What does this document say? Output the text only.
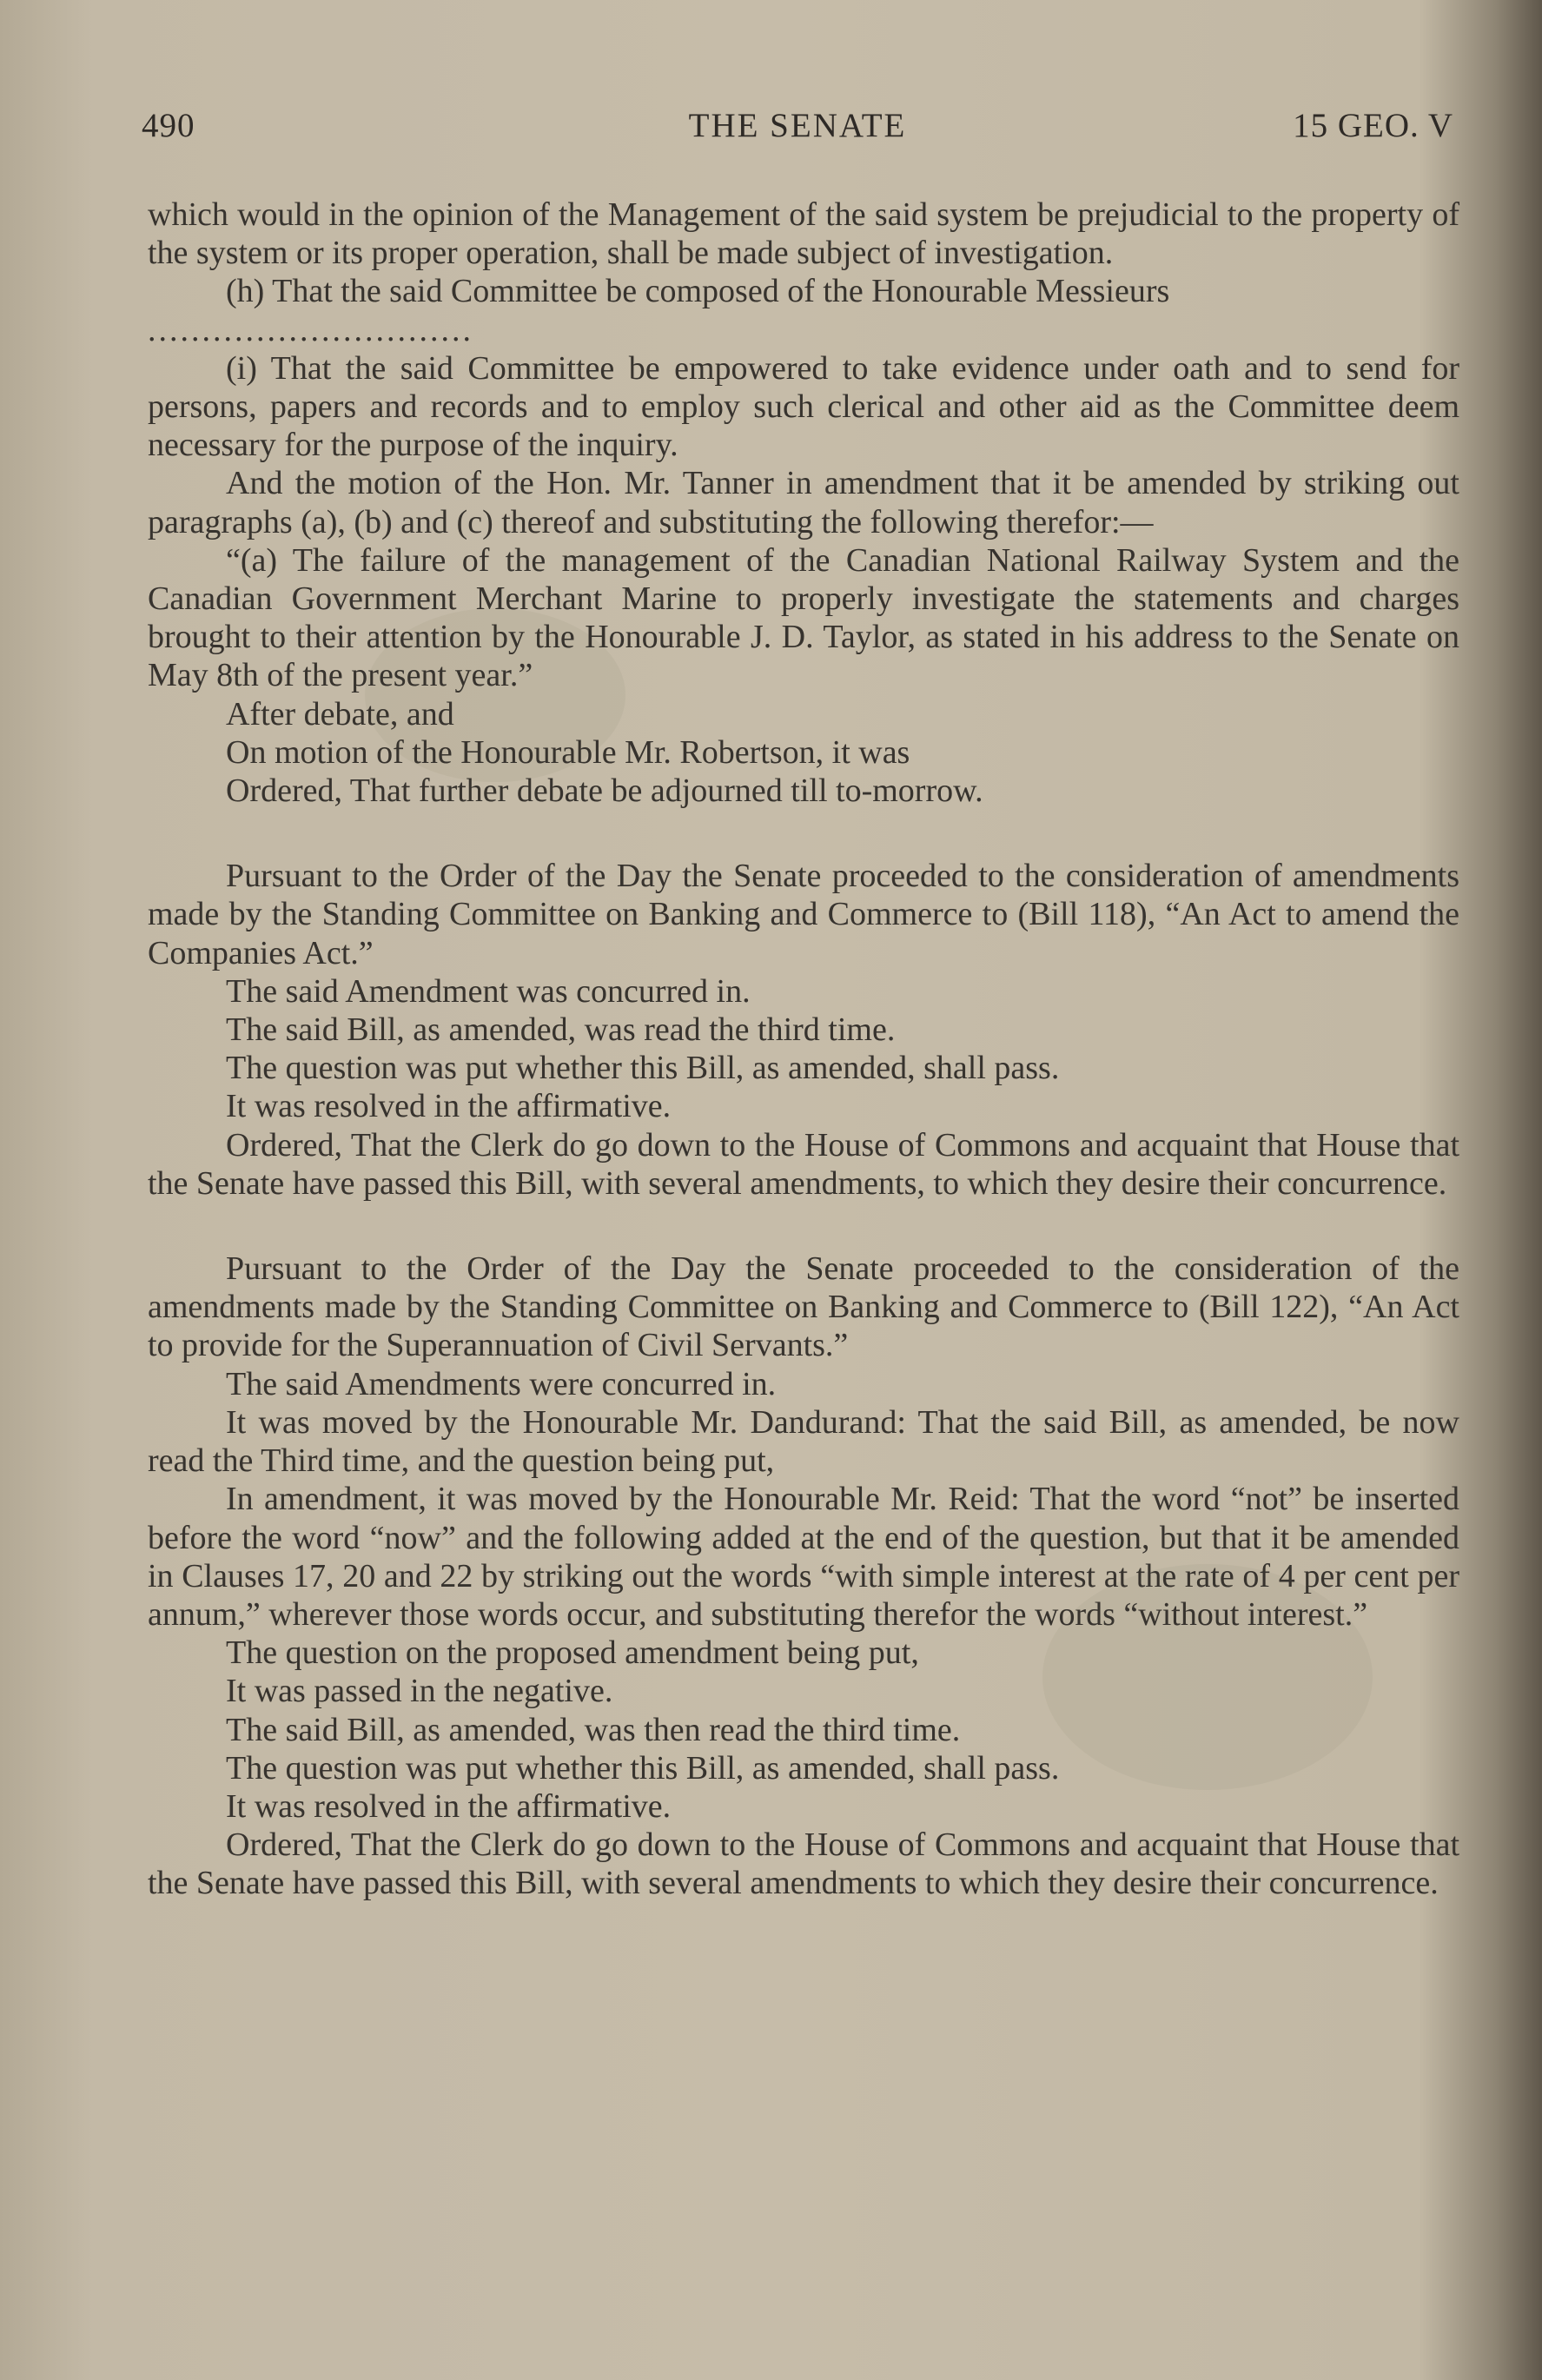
490	THE SENATE	15 GEO. V

which would in the opinion of the Management of the said system be prejudicial to the property of the system or its proper operation, shall be made subject of investigation.

(h) That the said Committee be composed of the Honourable Messieurs

..............................

(i) That the said Committee be empowered to take evidence under oath and to send for persons, papers and records and to employ such clerical and other aid as the Committee deem necessary for the purpose of the inquiry.

And the motion of the Hon. Mr. Tanner in amendment that it be amended by striking out paragraphs (a), (b) and (c) thereof and substituting the following therefor:—

“(a) The failure of the management of the Canadian National Railway System and the Canadian Government Merchant Marine to properly investigate the statements and charges brought to their attention by the Honourable J. D. Taylor, as stated in his address to the Senate on May 8th of the present year.”

After debate, and

On motion of the Honourable Mr. Robertson, it was

Ordered, That further debate be adjourned till to-morrow.

Pursuant to the Order of the Day the Senate proceeded to the consideration of amendments made by the Standing Committee on Banking and Commerce to (Bill 118), “An Act to amend the Companies Act.”

The said Amendment was concurred in.

The said Bill, as amended, was read the third time.

The question was put whether this Bill, as amended, shall pass.

It was resolved in the affirmative.

Ordered, That the Clerk do go down to the House of Commons and acquaint that House that the Senate have passed this Bill, with several amendments, to which they desire their concurrence.

Pursuant to the Order of the Day the Senate proceeded to the consideration of the amendments made by the Standing Committee on Banking and Commerce to (Bill 122), “An Act to provide for the Superannuation of Civil Servants.”

The said Amendments were concurred in.

It was moved by the Honourable Mr. Dandurand: That the said Bill, as amended, be now read the Third time, and the question being put,

In amendment, it was moved by the Honourable Mr. Reid: That the word “not” be inserted before the word “now” and the following added at the end of the question, but that it be amended in Clauses 17, 20 and 22 by striking out the words “with simple interest at the rate of 4 per cent per annum,” wherever those words occur, and substituting therefor the words “without interest.”

The question on the proposed amendment being put,

It was passed in the negative.

The said Bill, as amended, was then read the third time.

The question was put whether this Bill, as amended, shall pass.

It was resolved in the affirmative.

Ordered, That the Clerk do go down to the House of Commons and acquaint that House that the Senate have passed this Bill, with several amendments to which they desire their concurrence.
